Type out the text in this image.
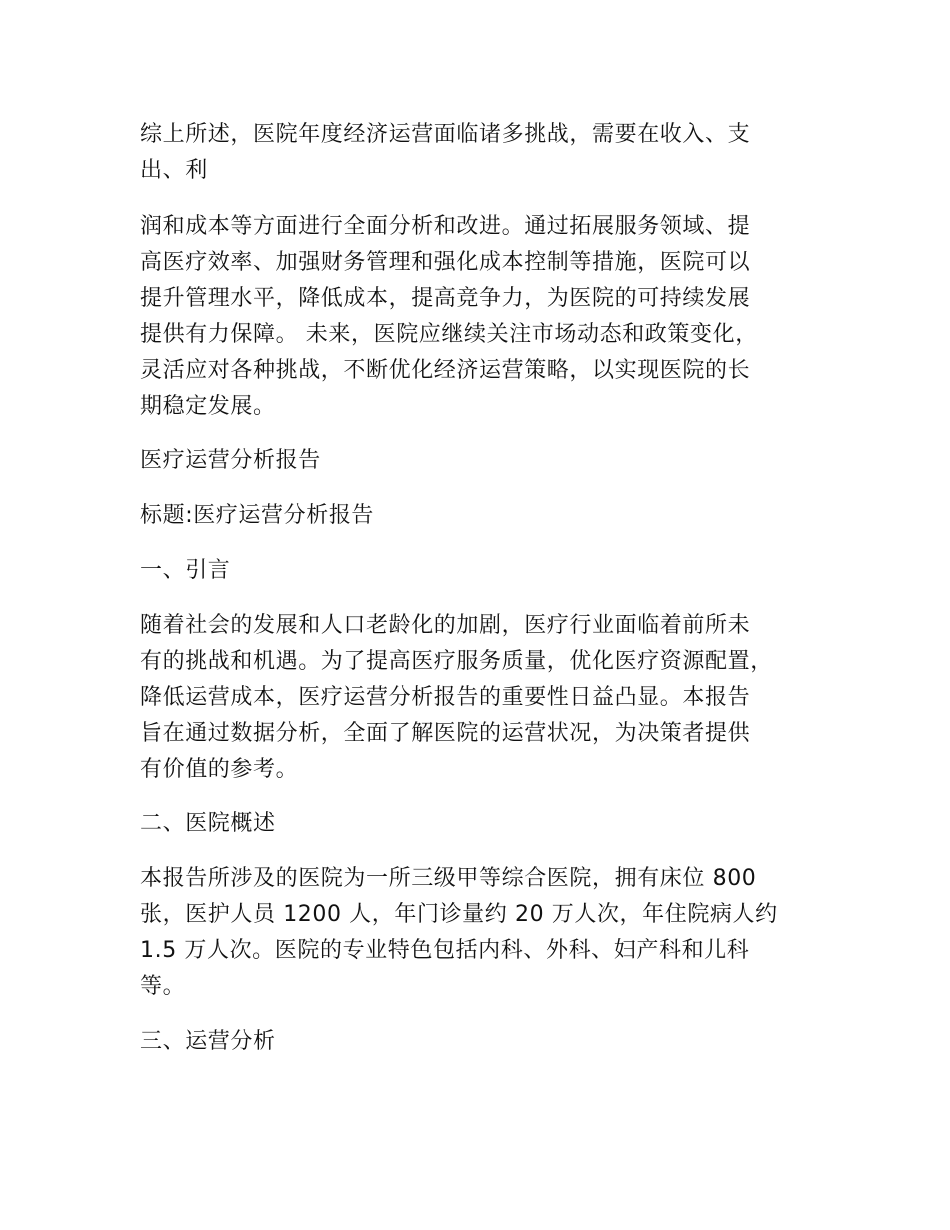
综上所述，医院年度经济运营面临诸多挑战，需要在收入、支
出、利
润和成本等方面进行全面分析和改进。通过拓展服务领域、提
高医疗效率、加强财务管理和强化成本控制等措施，医院可以
提升管理水平，降低成本，提高竞争力，为医院的可持续发展
提供有力保障。 未来，医院应继续关注市场动态和政策变化，
灵活应对各种挑战，不断优化经济运营策略，以实现医院的长
期稳定发展。
医疗运营分析报告
标题:医疗运营分析报告
一、引言
随着社会的发展和人口老龄化的加剧，医疗行业面临着前所未
有的挑战和机遇。为了提高医疗服务质量，优化医疗资源配置，
降低运营成本，医疗运营分析报告的重要性日益凸显。本报告
旨在通过数据分析，全面了解医院的运营状况，为决策者提供
有价值的参考。
二、医院概述
本报告所涉及的医院为一所三级甲等综合医院，拥有床位 800
张，医护人员 1200 人，年门诊量约 20 万人次，年住院病人约
1.5 万人次。医院的专业特色包括内科、外科、妇产科和儿科
等。
三、运营分析
